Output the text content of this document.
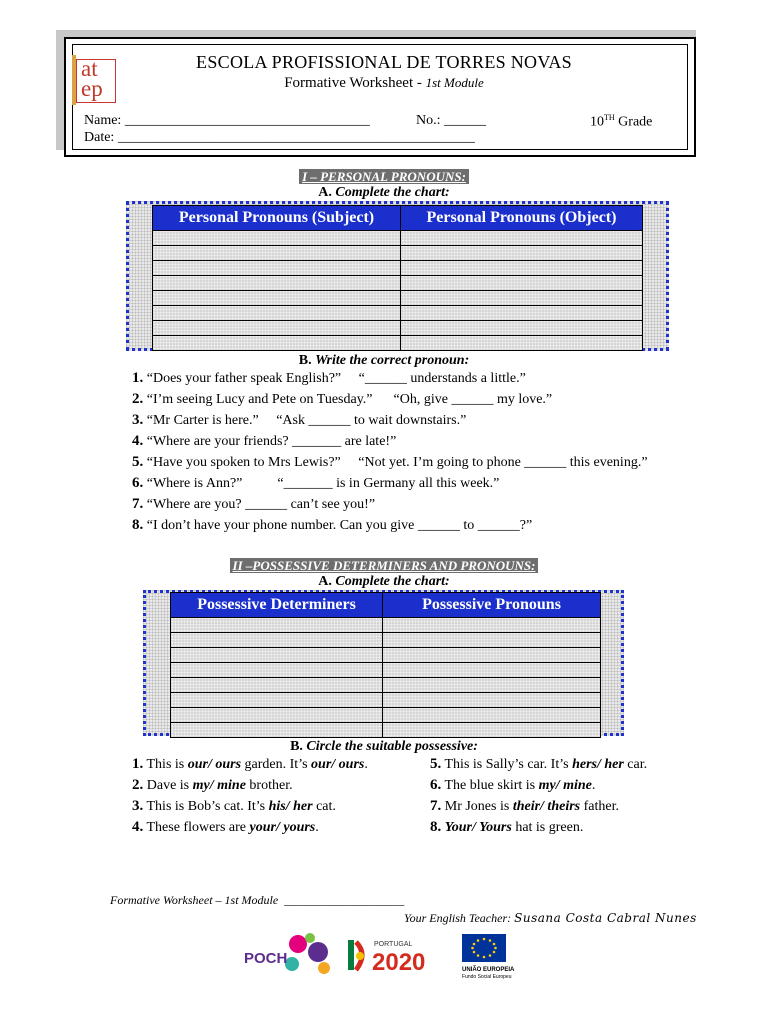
at
ep
ESCOLA PROFISSIONAL DE TORRES NOVAS
Formative Worksheet - 1st Module
Name: ___________________________________	No.: ______	10TH Grade
Date: ___________________________________________________
I – PERSONAL PRONOUNS:
A. Complete the chart:
Personal Pronouns (Subject)	Personal Pronouns (Object)

B. Write the correct pronoun:
1. “Does your father speak English?”     “______ understands a little.”
2. “I’m seeing Lucy and Pete on Tuesday.”      “Oh, give ______ my love.”
3. “Mr Carter is here.”     “Ask ______ to wait downstairs.”
4. “Where are your friends? _______ are late!”
5. “Have you spoken to Mrs Lewis?”     “Not yet. I’m going to phone ______ this evening.”
6. “Where is Ann?”          “_______ is in Germany all this week.”
7. “Where are you? ______ can’t see you!”
8. “I don’t have your phone number. Can you give ______ to ______?”
II –POSSESSIVE DETERMINERS AND PRONOUNS:
A. Complete the chart:
Possessive Determiners	Possessive Pronouns

B. Circle the suitable possessive:
1. This is our/ ours garden. It’s our/ ours.
2. Dave is my/ mine brother.
3. This is Bob’s cat. It’s his/ her cat.
4. These flowers are your/ yours.
5. This is Sally’s car. It’s hers/ her car.
6. The blue skirt is my/ mine.
7. Mr Jones is their/ theirs father.
8. Your/ Yours hat is green.
Formative Worksheet – 1st Module  ____________________
Your English Teacher: Susana Costa Cabral Nunes
POCH
PORTUGAL
2020	UNIÃO EUROPEIA
Fundo Social Europeu
